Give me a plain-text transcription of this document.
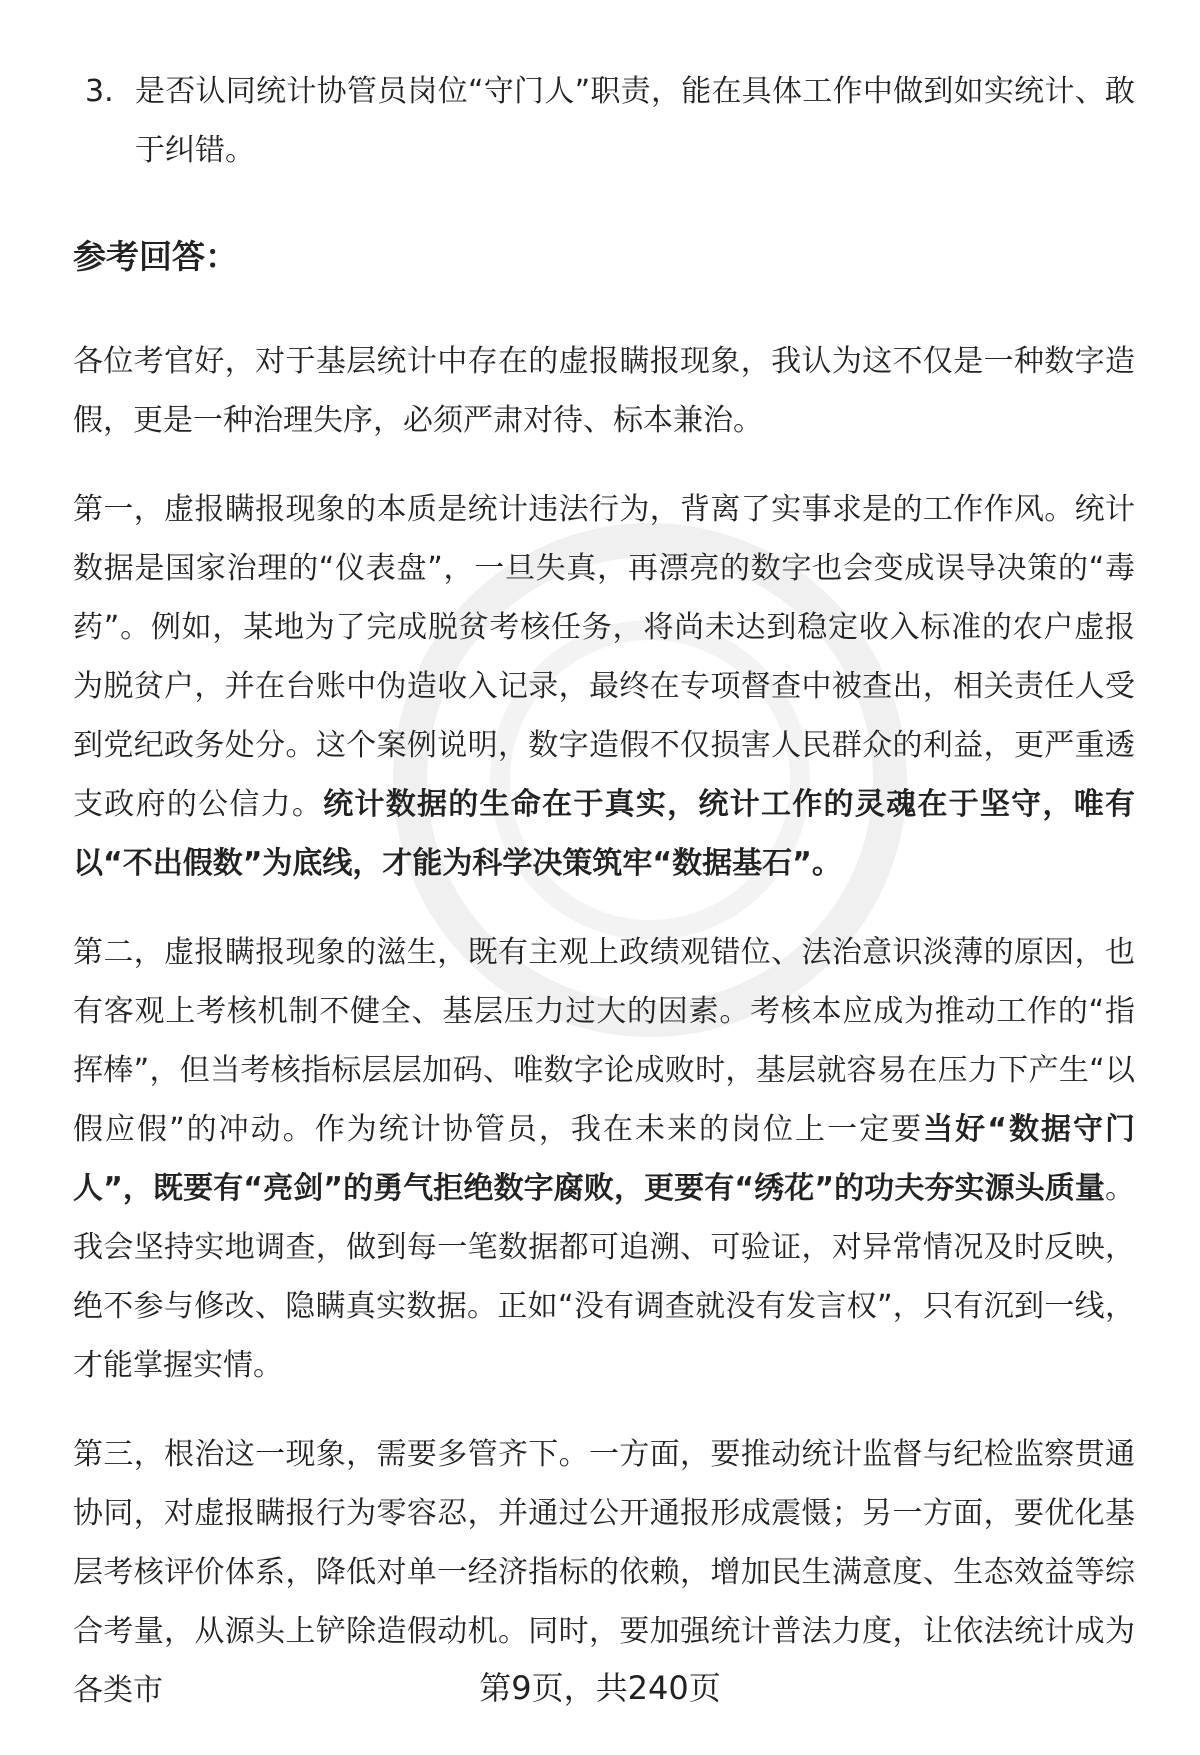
3. 是否认同统计协管员岗位“守门人”职责，能在具体工作中做到如实统计、敢于纠错。
参考回答：

各位考官好，对于基层统计中存在的虚报瞒报现象，我认为这不仅是一种数字造假，更是一种治理失序，必须严肃对待、标本兼治。

第一，虚报瞒报现象的本质是统计违法行为，背离了实事求是的工作作风。统计数据是国家治理的“仪表盘”，一旦失真，再漂亮的数字也会变成误导决策的“毒药”。例如，某地为了完成脱贫考核任务，将尚未达到稳定收入标准的农户虚报为脱贫户，并在台账中伪造收入记录，最终在专项督查中被查出，相关责任人受到党纪政务处分。这个案例说明，数字造假不仅损害人民群众的利益，更严重透支政府的公信力。统计数据的生命在于真实，统计工作的灵魂在于坚守，唯有以“不出假数”为底线，才能为科学决策筑牢“数据基石”。

第二，虚报瞒报现象的滋生，既有主观上政绩观错位、法治意识淡薄的原因，也有客观上考核机制不健全、基层压力过大的因素。考核本应成为推动工作的“指挥棒”，但当考核指标层层加码、唯数字论成败时，基层就容易在压力下产生“以假应假”的冲动。作为统计协管员，我在未来的岗位上一定要当好“数据守门人”，既要有“亮剑”的勇气拒绝数字腐败，更要有“绣花”的功夫夯实源头质量。我会坚持实地调查，做到每一笔数据都可追溯、可验证，对异常情况及时反映，绝不参与修改、隐瞒真实数据。正如“没有调查就没有发言权”，只有沉到一线，才能掌握实情。

第三，根治这一现象，需要多管齐下。一方面，要推动统计监督与纪检监察贯通协同，对虚报瞒报行为零容忍，并通过公开通报形成震慑；另一方面，要优化基层考核评价体系，降低对单一经济指标的依赖，增加民生满意度、生态效益等综合考量，从源头上铲除造假动机。同时，要加强统计普法力度，让依法统计成为各类市	第9页，共240页
